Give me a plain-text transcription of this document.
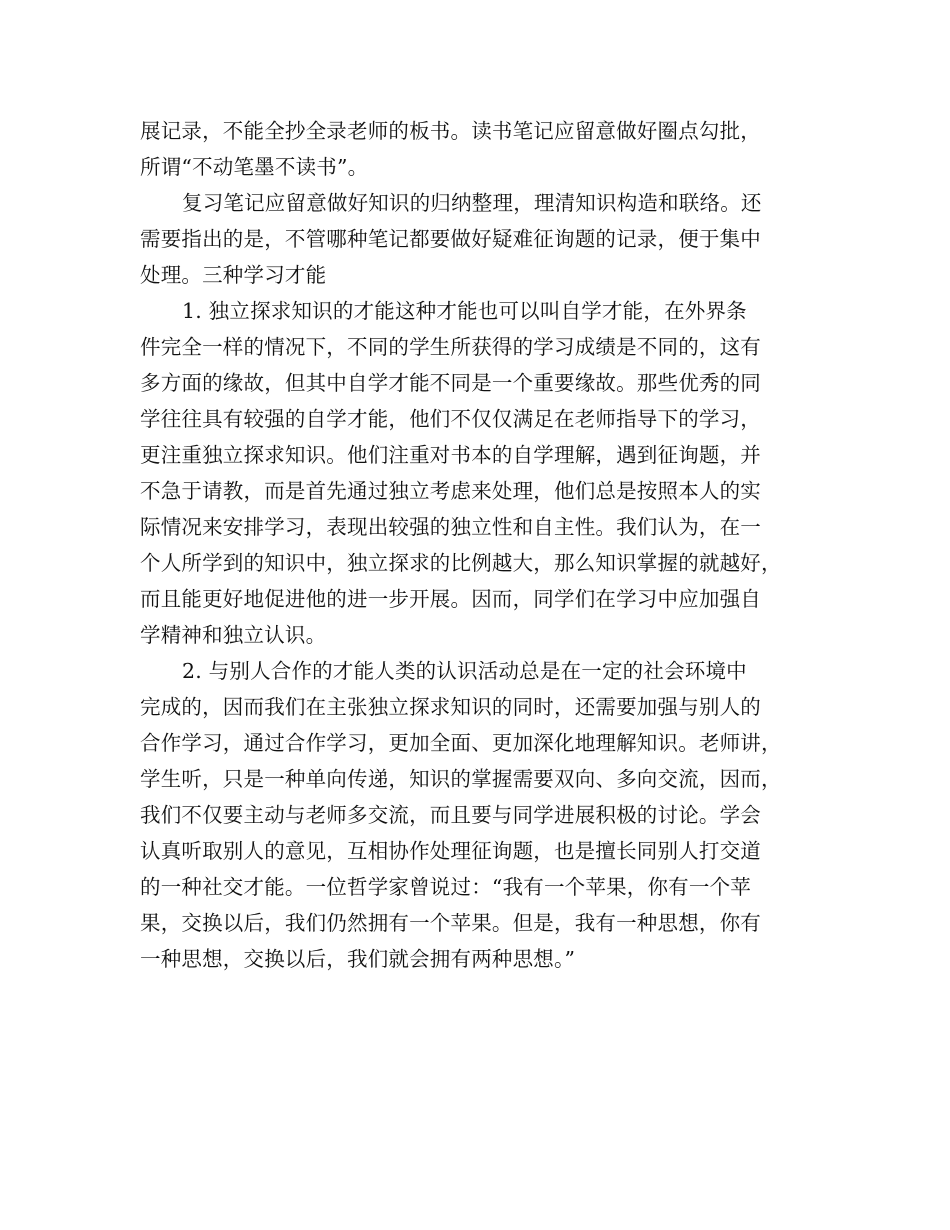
展记录，不能全抄全录老师的板书。读书笔记应留意做好圈点勾批，
所谓“不动笔墨不读书”。
复习笔记应留意做好知识的归纳整理，理清知识构造和联络。还
需要指出的是，不管哪种笔记都要做好疑难征询题的记录，便于集中
处理。三种学习才能
1. 独立探求知识的才能这种才能也可以叫自学才能，在外界条
件完全一样的情况下，不同的学生所获得的学习成绩是不同的，这有
多方面的缘故，但其中自学才能不同是一个重要缘故。那些优秀的同
学往往具有较强的自学才能，他们不仅仅满足在老师指导下的学习，
更注重独立探求知识。他们注重对书本的自学理解，遇到征询题，并
不急于请教，而是首先通过独立考虑来处理，他们总是按照本人的实
际情况来安排学习，表现出较强的独立性和自主性。我们认为，在一
个人所学到的知识中，独立探求的比例越大，那么知识掌握的就越好，
而且能更好地促进他的进一步开展。因而，同学们在学习中应加强自
学精神和独立认识。
2. 与别人合作的才能人类的认识活动总是在一定的社会环境中
完成的，因而我们在主张独立探求知识的同时，还需要加强与别人的
合作学习，通过合作学习，更加全面、更加深化地理解知识。老师讲，
学生听，只是一种单向传递，知识的掌握需要双向、多向交流，因而，
我们不仅要主动与老师多交流，而且要与同学进展积极的讨论。学会
认真听取别人的意见，互相协作处理征询题，也是擅长同别人打交道
的一种社交才能。一位哲学家曾说过：“我有一个苹果，你有一个苹
果，交换以后，我们仍然拥有一个苹果。但是，我有一种思想，你有
一种思想，交换以后，我们就会拥有两种思想。”
